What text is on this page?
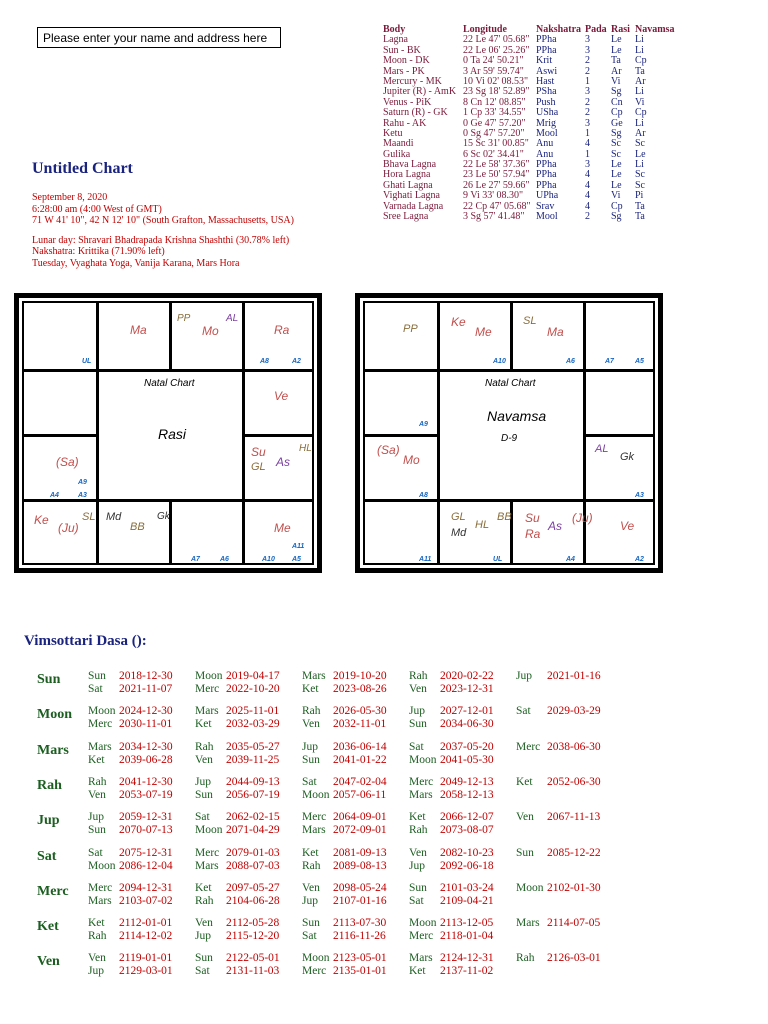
Please enter your name and address here
Untitled Chart
September 8, 2020
6:28:00 am (4:00 West of GMT)
71 W 41' 10", 42 N 12' 10" (South Grafton, Massachusetts, USA)
Lunar day: Shravari Bhadrapada Krishna Shashthi (30.78% left)
Nakshatra: Krittika (71.90% left)
Tuesday, Vyaghata Yoga, Vanija Karana, Mars Hora
Body	Longitude	Nakshatra Pada Rasi Navamsa
Lagna	22 Le 47' 05.68" PPha	3 Le Li
Sun - BK	22 Le 06' 25.26" PPha	3 Le Li
Moon - DK	0 Ta 24' 50.21" Krit	2 Ta Cp
Mars - PK	3 Ar 59' 59.74" Aswi	2 Ar Ta
Mercury - MK 10 Vi 02' 08.53" Hast	1 Vi Ar
Jupiter (R) - AmK 23 Sg 18' 52.89" PSha	3 Sg Li
Venus - PiK	8 Cn 12' 08.85" Push	2 Cn Vi
Saturn (R) - GK 1 Cp 33' 34.55" USha	2 Cp Cp
Rahu - AK	0 Ge 47' 57.20" Mrig	3 Ge Li
Ketu	0 Sg 47' 57.20" Mool	1 Sg Ar
Maandi	15 Sc 31' 00.85" Anu	4 Sc Sc
Gulika	6 Sc 02' 34.41" Anu	1 Sc Le
Bhava Lagna	22 Le 58' 37.36" PPha	3 Le Li
Hora Lagna	23 Le 50' 57.94" PPha	4 Le Sc
Ghati Lagna	26 Le 27' 59.66" PPha	4 Le Sc
Vighati Lagna 9 Vi 33' 08.30" UPha	4 Vi Pi
Varnada Lagna 22 Cp 47' 05.68" Srav	4 Cp Ta
Sree Lagna	3 Sg 57' 41.48" Mool	2 Sg Ta
Natal Chart
Rasi
UL
Ma
PP
Mo
AL
Ra
A8	A2
Ve
Su
As
HL
GL
(Sa)
A9
A4	A3
Ke
(Ju)
SL Md
BB
Gk
Me
A11
A7	A6	A10 A5
Natal Chart
Navamsa
D-9
PP	Ke
Me
A10
SL
Ma
A6	A7	A5
A9
(Sa)
Mo
A8
AL
Gk
A3
GL
Md
HL
BB Su
Ra
As
(Ju)
Ve
A11	UL	A4	A2
Vimsottari Dasa ():
Sun Sun 2018-12-30 Moon 2019-04-17 Mars 2019-10-20 Rah 2020-02-22 Jup 2021-01-16
Sat 2021-11-07 Merc 2022-10-20 Ket 2023-08-26 Ven 2023-12-31
Moon Moon 2024-12-30 Mars 2025-11-01 Rah 2026-05-30 Jup 2027-12-01 Sat 2029-03-29
Merc 2030-11-01 Ket 2032-03-29 Ven 2032-11-01 Sun 2034-06-30
Mars Mars 2034-12-30 Rah 2035-05-27 Jup 2036-06-14 Sat 2037-05-20 Merc 2038-06-30
Ket 2039-06-28 Ven 2039-11-25 Sun 2041-01-22 Moon 2041-05-30
Rah Rah 2041-12-30 Jup 2044-09-13 Sat 2047-02-04 Merc 2049-12-13 Ket 2052-06-30
Ven 2053-07-19 Sun 2056-07-19 Moon 2057-06-11 Mars 2058-12-13
Jup Jup 2059-12-31 Sat 2062-02-15 Merc 2064-09-01 Ket 2066-12-07 Ven 2067-11-13
Sun 2070-07-13 Moon 2071-04-29 Mars 2072-09-01 Rah 2073-08-07
Sat	Sat 2075-12-31 Merc 2079-01-03 Ket 2081-09-13 Ven 2082-10-23 Sun 2085-12-22
Moon 2086-12-04 Mars 2088-07-03 Rah 2089-08-13 Jup 2092-06-18
Merc Merc 2094-12-31 Ket 2097-05-27 Ven 2098-05-24 Sun 2101-03-24 Moon 2102-01-30
Mars 2103-07-02 Rah 2104-06-28 Jup 2107-01-16 Sat 2109-04-21
Ket	Ket 2112-01-01 Ven 2112-05-28 Sun 2113-07-30 Moon 2113-12-05 Mars 2114-07-05
Rah 2114-12-02 Jup 2115-12-20 Sat 2116-11-26 Merc 2118-01-04
Ven Ven 2119-01-01 Sun 2122-05-01 Moon 2123-05-01 Mars 2124-12-31 Rah 2126-03-01
Jup 2129-03-01 Sat 2131-11-03 Merc 2135-01-01 Ket 2137-11-02
